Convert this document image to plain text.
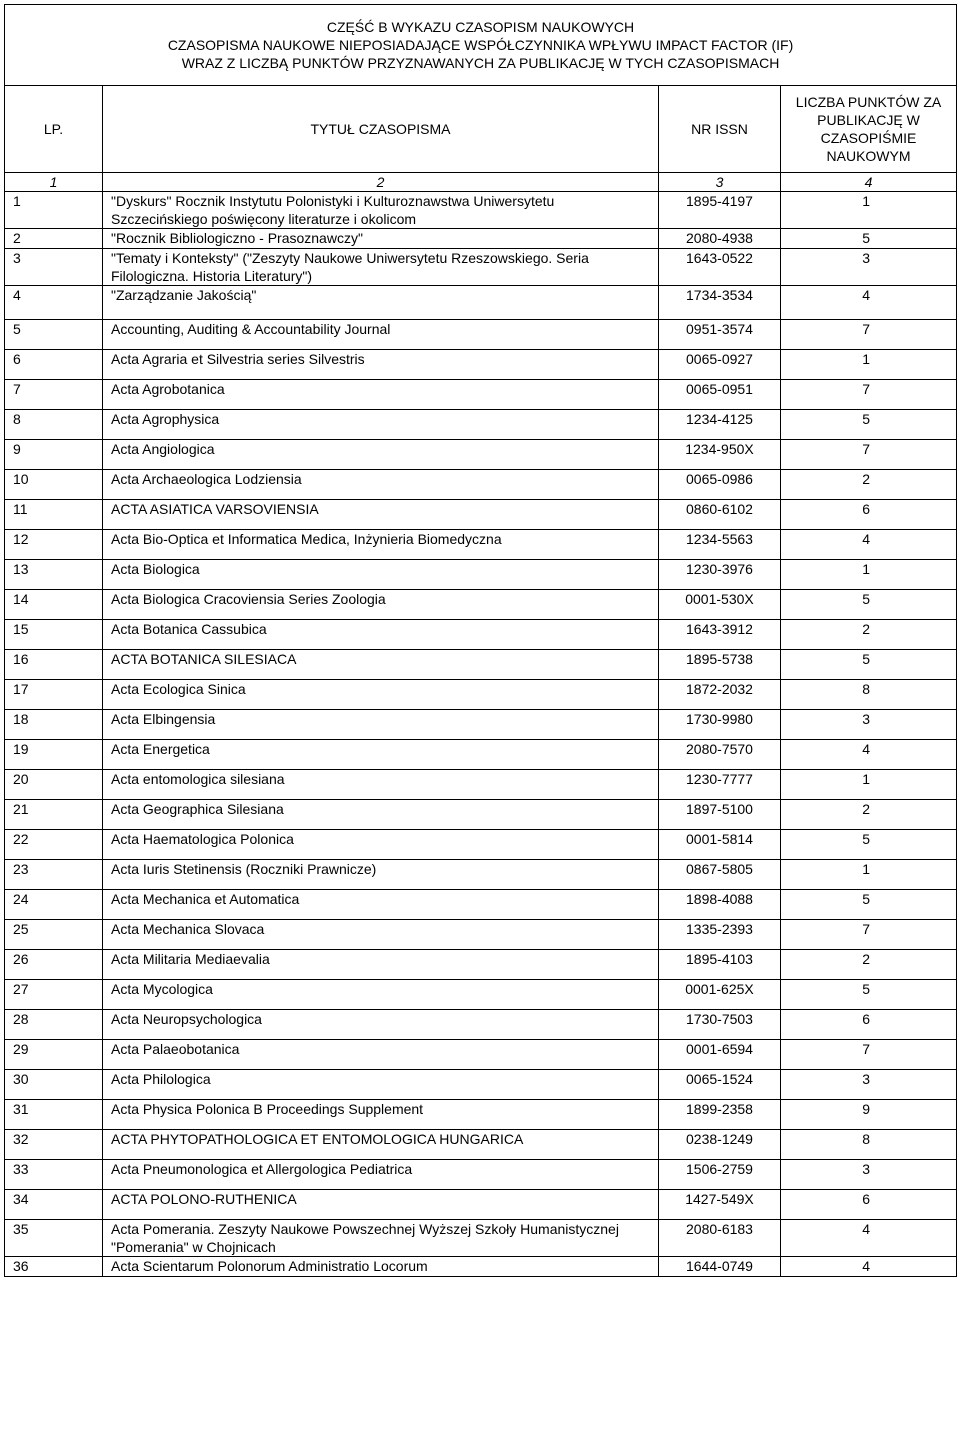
CZĘŚĆ B WYKAZU CZASOPISM NAUKOWYCH
CZASOPISMA NAUKOWE NIEPOSIADAJĄCE WSPÓŁCZYNNIKA WPŁYWU IMPACT FACTOR (IF)
WRAZ Z LICZBĄ PUNKTÓW PRZYZNAWANYCH ZA PUBLIKACJĘ W TYCH CZASOPISMACH			

LP.	TYTUŁ CZASOPISMA	NR ISSN	LICZBA PUNKTÓW ZA PUBLIKACJĘ W CZASOPIŚMIE NAUKOWYM
1	2	3	4
1	"Dyskurs" Rocznik Instytutu Polonistyki i Kulturoznawstwa Uniwersytetu Szczecińskiego poświęcony literaturze i okolicom	1895-4197	1
2	"Rocznik Bibliologiczno - Prasoznawczy"	2080-4938	5
3	"Tematy i Konteksty" ("Zeszyty Naukowe Uniwersytetu Rzeszowskiego. Seria Filologiczna. Historia Literatury")	1643-0522	3
4	"Zarządzanie Jakością"	1734-3534	4
5	Accounting, Auditing & Accountability Journal	0951-3574	7
6	Acta Agraria et Silvestria series Silvestris	0065-0927	1
7	Acta Agrobotanica	0065-0951	7
8	Acta Agrophysica	1234-4125	5
9	Acta Angiologica	1234-950X	7
10	Acta Archaeologica Lodziensia	0065-0986	2
11	ACTA ASIATICA VARSOVIENSIA	0860-6102	6
12	Acta Bio-Optica et Informatica Medica, Inżynieria Biomedyczna	1234-5563	4
13	Acta Biologica	1230-3976	1
14	Acta Biologica Cracoviensia Series Zoologia	0001-530X	5
15	Acta Botanica Cassubica	1643-3912	2
16	ACTA BOTANICA SILESIACA	1895-5738	5
17	Acta Ecologica Sinica	1872-2032	8
18	Acta Elbingensia	1730-9980	3
19	Acta Energetica	2080-7570	4
20	Acta entomologica silesiana	1230-7777	1
21	Acta Geographica Silesiana	1897-5100	2
22	Acta Haematologica Polonica	0001-5814	5
23	Acta Iuris Stetinensis (Roczniki Prawnicze)	0867-5805	1
24	Acta Mechanica et Automatica	1898-4088	5
25	Acta Mechanica Slovaca	1335-2393	7
26	Acta Militaria Mediaevalia	1895-4103	2
27	Acta Mycologica	0001-625X	5
28	Acta Neuropsychologica	1730-7503	6
29	Acta Palaeobotanica	0001-6594	7
30	Acta Philologica	0065-1524	3
31	Acta Physica Polonica B Proceedings Supplement	1899-2358	9
32	ACTA PHYTOPATHOLOGICA ET ENTOMOLOGICA HUNGARICA	0238-1249	8
33	Acta Pneumonologica et Allergologica Pediatrica	1506-2759	3
34	ACTA POLONO-RUTHENICA	1427-549X	6
35	Acta Pomerania. Zeszyty Naukowe Powszechnej Wyższej Szkoły Humanistycznej "Pomerania" w Chojnicach	2080-6183	4
36	Acta Scientarum Polonorum Administratio Locorum	1644-0749	4
